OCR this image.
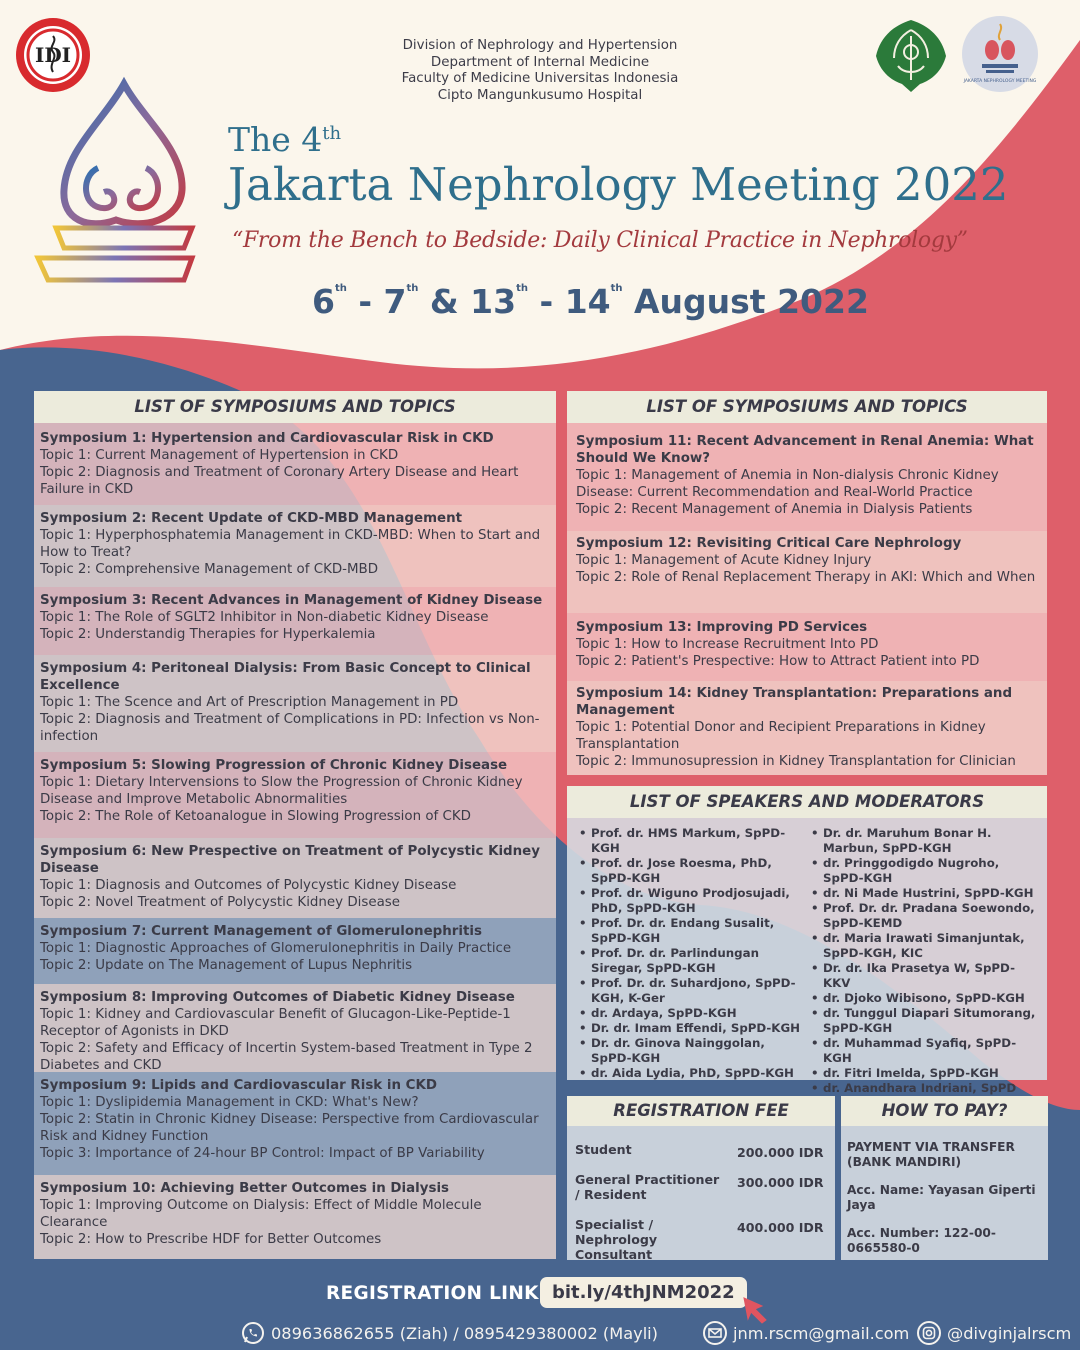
IDI
JAKARTA NEPHROLOGY MEETING
Division of Nephrology and Hypertension
Department of Internal Medicine
Faculty of Medicine Universitas Indonesia
Cipto Mangunkusumo Hospital
The 4th
Jakarta Nephrology Meeting 2022
“From the Bench to Bedside: Daily Clinical Practice in Nephrology”
6th - 7th & 13th - 14th August 2022
LIST OF SYMPOSIUMS AND TOPICS
Symposium 1: Hypertension and Cardiovascular Risk in CKD
Topic 1: Current Management of Hypertension in CKD
Topic 2: Diagnosis and Treatment of Coronary Artery Disease and Heart Failure in CKD
Symposium 2: Recent Update of CKD-MBD Management
Topic 1: Hyperphosphatemia Management in CKD-MBD: When to Start and How to Treat?
Topic 2: Comprehensive Management of CKD-MBD
Symposium 3: Recent Advances in Management of Kidney Disease
Topic 1: The Role of SGLT2 Inhibitor in Non-diabetic Kidney Disease
Topic 2: Understandig Therapies for Hyperkalemia
Symposium 4: Peritoneal Dialysis: From Basic Concept to Clinical Excellence
Topic 1: The Scence and Art of Prescription Management in PD
Topic 2: Diagnosis and Treatment of Complications in PD: Infection vs Non-infection
Symposium 5: Slowing Progression of Chronic Kidney Disease
Topic 1: Dietary Intervensions to Slow the Progression of Chronic Kidney Disease and Improve Metabolic Abnormalities
Topic 2: The Role of Ketoanalogue in Slowing Progression of CKD
Symposium 6: New Prespective on Treatment of Polycystic Kidney Disease
Topic 1: Diagnosis and Outcomes of Polycystic Kidney Disease
Topic 2: Novel Treatment of Polycystic Kidney Disease
Symposium 7: Current Management of Glomerulonephritis
Topic 1: Diagnostic Approaches of Glomerulonephritis in Daily Practice
Topic 2: Update on The Management of Lupus Nephritis
Symposium 8: Improving Outcomes of Diabetic Kidney Disease
Topic 1: Kidney and Cardiovascular Benefit of Glucagon-Like-Peptide-1 Receptor of Agonists in DKD
Topic 2: Safety and Efficacy of Incertin System-based Treatment in Type 2 Diabetes and CKD
Symposium 9: Lipids and Cardiovascular Risk in CKD
Topic 1: Dyslipidemia Management in CKD: What's New?
Topic 2: Statin in Chronic Kidney Disease: Perspective from Cardiovascular Risk and Kidney Function
Topic 3: Importance of 24-hour BP Control: Impact of BP Variability
Symposium 10: Achieving Better Outcomes in Dialysis
Topic 1: Improving Outcome on Dialysis: Effect of Middle Molecule Clearance
Topic 2: How to Prescribe HDF for Better Outcomes
LIST OF SYMPOSIUMS AND TOPICS
Symposium 11: Recent Advancement in Renal Anemia: What Should We Know?
Topic 1: Management of Anemia in Non-dialysis Chronic Kidney Disease: Current Recommendation and Real-World Practice
Topic 2: Recent Management of Anemia in Dialysis Patients
Symposium 12: Revisiting Critical Care Nephrology
Topic 1: Management of Acute Kidney Injury
Topic 2: Role of Renal Replacement Therapy in AKI: Which and When
Symposium 13: Improving PD Services
Topic 1: How to Increase Recruitment Into PD
Topic 2: Patient's Prespective: How to Attract Patient into PD
Symposium 14: Kidney Transplantation: Preparations and Management
Topic 1: Potential Donor and Recipient Preparations in Kidney Transplantation
Topic 2: Immunosupression in Kidney Transplantation for Clinician
LIST OF SPEAKERS AND MODERATORS
• Prof. dr. HMS Markum, SpPD-KGH
• Prof. dr. Jose Roesma, PhD, SpPD-KGH
• Prof. dr. Wiguno Prodjosujadi, PhD, SpPD-KGH
• Prof. Dr. dr. Endang Susalit, SpPD-KGH
• Prof. Dr. dr. Parlindungan Siregar, SpPD-KGH
• Prof. Dr. dr. Suhardjono, SpPD-KGH, K-Ger
• dr. Ardaya, SpPD-KGH
• Dr. dr. Imam Effendi, SpPD-KGH
• Dr. dr. Ginova Nainggolan, SpPD-KGH
• dr. Aida Lydia, PhD, SpPD-KGH
• Dr. dr. Maruhum Bonar H. Marbun, SpPD-KGH
• dr. Pringgodigdo Nugroho, SpPD-KGH
• dr. Ni Made Hustrini, SpPD-KGH
• Prof. Dr. dr. Pradana Soewondo, SpPD-KEMD
• dr. Maria Irawati Simanjuntak, SpPD-KGH, KIC
• Dr. dr. Ika Prasetya W, SpPD-KKV
• dr. Djoko Wibisono, SpPD-KGH
• dr. Tunggul Diapari Situmorang, SpPD-KGH
• dr. Muhammad Syafiq, SpPD-KGH
• dr. Fitri Imelda, SpPD-KGH
• dr. Anandhara Indriani, SpPD
REGISTRATION FEE
Student	200.000 IDR
General Practitioner / Resident
300.000 IDR
Specialist / Nephrology Consultant
400.000 IDR
HOW TO PAY?
PAYMENT VIA TRANSFER (BANK MANDIRI)
Acc. Name: Yayasan Giperti Jaya
Acc. Number: 122-00-0665580-0
REGISTRATION LINK bit.ly/4thJNM2022
089636862655 (Ziah) / 0895429380002 (Mayli)	jnm.rscm@gmail.com @divginjalrscm
